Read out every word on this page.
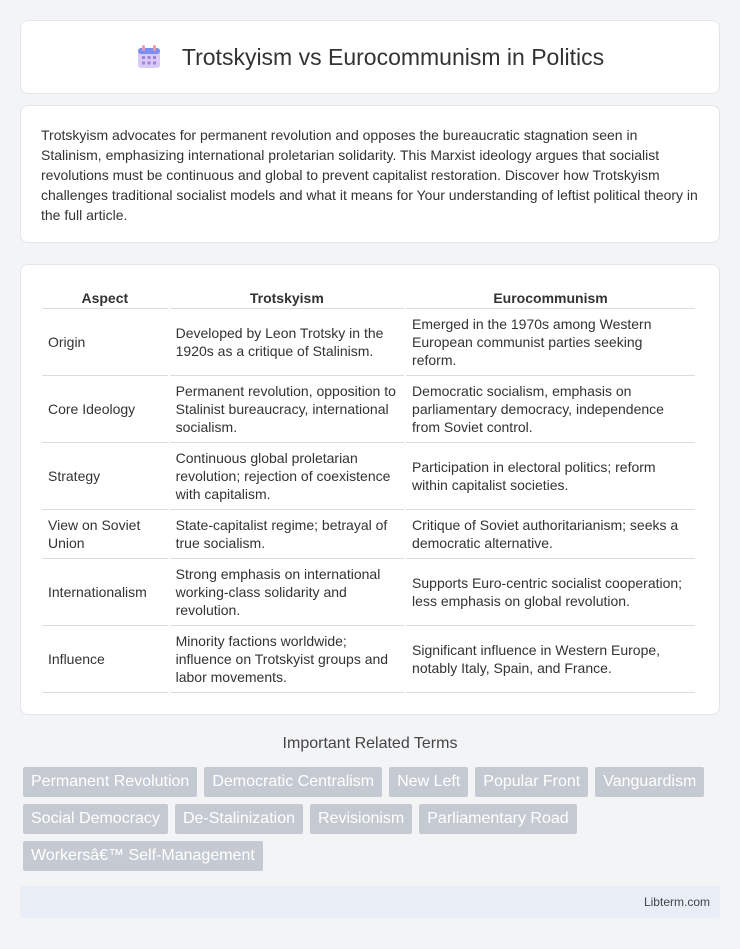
Trotskyism vs Eurocommunism in Politics

Trotskyism advocates for permanent revolution and opposes the bureaucratic stagnation seen in Stalinism, emphasizing international proletarian solidarity. This Marxist ideology argues that socialist revolutions must be continuous and global to prevent capitalist restoration. Discover how Trotskyism challenges traditional socialist models and what it means for Your understanding of leftist political theory in the full article.

Aspect	Trotskyism	Eurocommunism
Origin	Developed by Leon Trotsky in the 1920s as a critique of Stalinism.	Emerged in the 1970s among Western European communist parties seeking reform.
Core Ideology	Permanent revolution, opposition to Stalinist bureaucracy, international socialism.	Democratic socialism, emphasis on parliamentary democracy, independence from Soviet control.
Strategy	Continuous global proletarian revolution; rejection of coexistence with capitalism.	Participation in electoral politics; reform within capitalist societies.
View on Soviet Union	State-capitalist regime; betrayal of true socialism.	Critique of Soviet authoritarianism; seeks a democratic alternative.
Internationalism	Strong emphasis on international working-class solidarity and revolution.	Supports Euro-centric socialist cooperation; less emphasis on global revolution.
Influence	Minority factions worldwide; influence on Trotskyist groups and labor movements.	Significant influence in Western Europe, notably Italy, Spain, and France.
Important Related Terms
Permanent Revolution	Democratic Centralism	New Left	Popular Front	Vanguardism
Social Democracy	De-Stalinization	Revisionism	Parliamentary Road
Workersâ€™ Self-Management
Libterm.com
